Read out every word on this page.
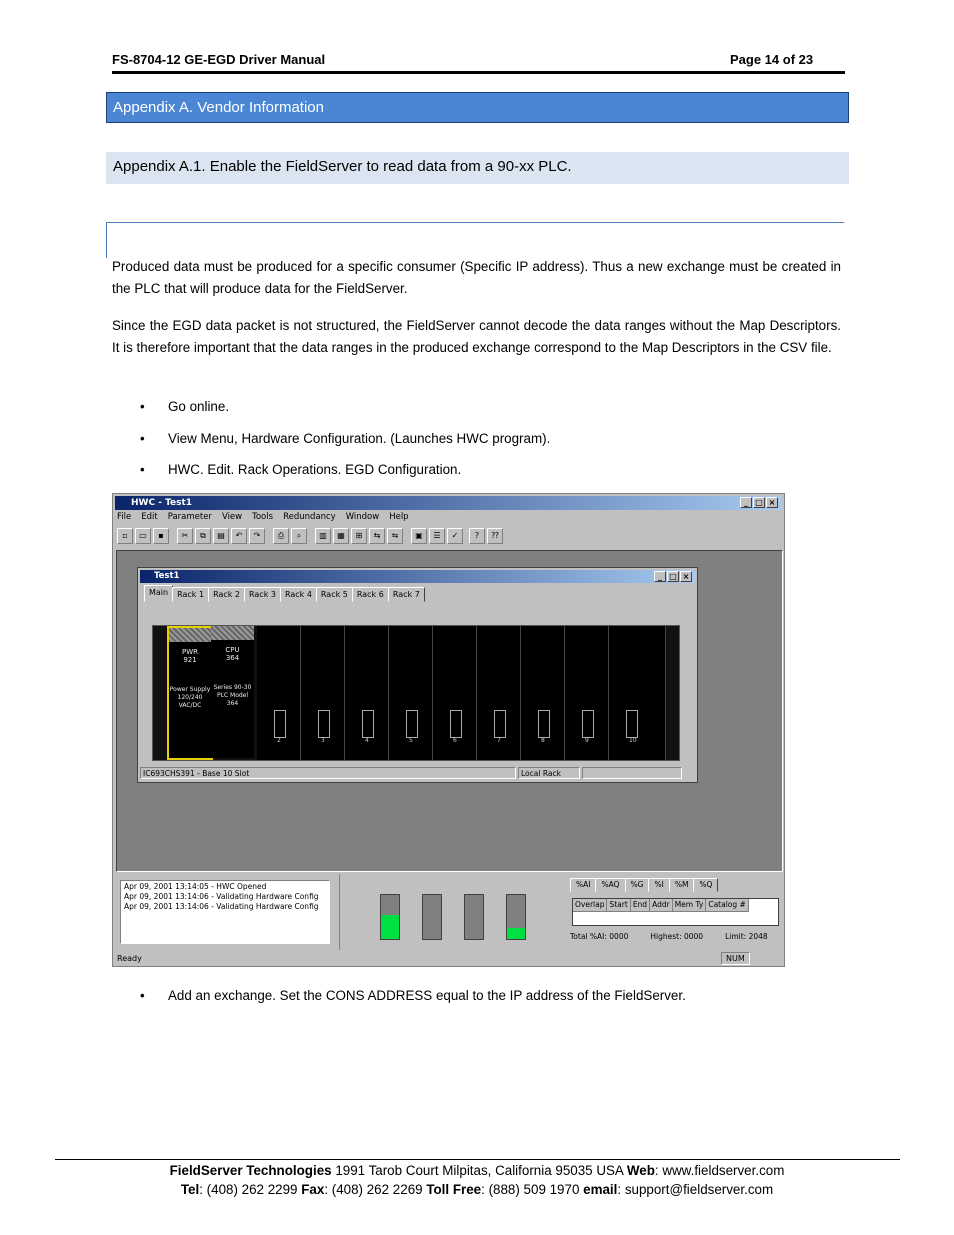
FS-8704-12 GE-EGD Driver Manual	Page 14 of 23
Appendix A. Vendor Information
Appendix A.1. Enable the FieldServer to read data from a 90-xx PLC.
Produced data must be produced for a specific consumer (Specific IP address). Thus a new exchange must be created in the PLC that will produce data for the FieldServer.
Since the EGD data packet is not structured, the FieldServer cannot decode the data ranges without the Map Descriptors. It is therefore important that the data ranges in the produced exchange correspond to the Map Descriptors in the CSV file.
• Go online.
• View Menu, Hardware Configuration. (Launches HWC program).
• HWC. Edit. Rack Operations. EGD Configuration.
HWC - Test1	_ □ ×
File Edit Parameter View Tools Redundancy Window Help
▫	▭	▪	✂	⧉	▤	↶	↷	⎙	⌕	▥	▦	⊞	⇆	⇋	▣	☰	✓	?	⁇
Test1	_ □ ×
Main	Rack 1	Rack 2	Rack 3	Rack 4	Rack 5	Rack 6	Rack 7
PWR
921
Power Supply 120/240 VAC/DC
CPU
364
Series 90-30 PLC Model 364
2	3	4	5	6	7	8	9	10
IC693CHS391 - Base 10 Slot	Local Rack
Apr 09, 2001 13:14:05 - HWC Opened
Apr 09, 2001 13:14:06 - Validating Hardware Config
Apr 09, 2001 13:14:06 - Validating Hardware Config
%AI	%AQ	%G	%I	%M	%Q
Overlap Start End Addr Mem Ty Catalog #
Total %AI: 0000	Highest: 0000	Limit: 2048
Ready	NUM
• Add an exchange. Set the CONS ADDRESS equal to the IP address of the FieldServer.
FieldServer Technologies 1991 Tarob Court Milpitas, California 95035 USA Web: www.fieldserver.com
Tel: (408) 262 2299 Fax: (408) 262 2269 Toll Free: (888) 509 1970 email: support@fieldserver.com
